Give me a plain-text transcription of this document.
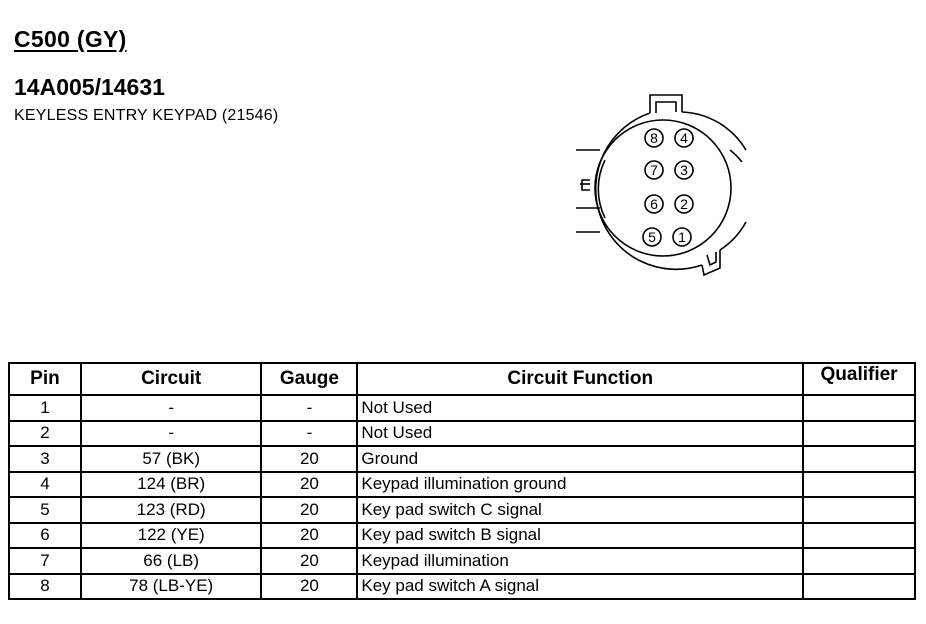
C500 (GY)
14A005/14631
KEYLESS ENTRY KEYPAD (21546)
8 4
7 3
6 2
5 1
Pin	Circuit	Gauge	Circuit Function	Qualifier
1	-	-	Not Used	
2	-	-	Not Used	
3	57 (BK)	20	Ground	
4	124 (BR)	20	Keypad illumination ground	
5	123 (RD)	20	Key pad switch C signal	
6	122 (YE)	20	Key pad switch B signal	
7	66 (LB)	20	Keypad illumination	
8	78 (LB-YE)	20	Key pad switch A signal	
